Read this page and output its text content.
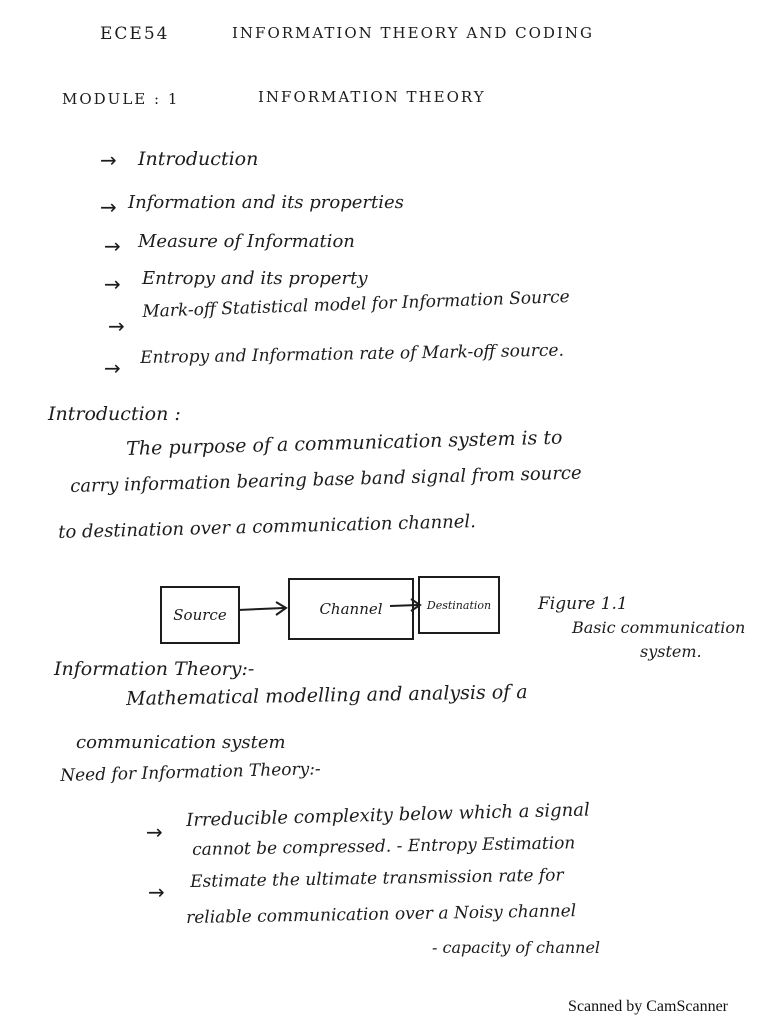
ECE54	INFORMATION THEORY AND CODING
MODULE : 1	INFORMATION THEORY
→ Introduction
→ Information and its properties
→ Measure of Information
→ Entropy and its property
→
Mark-off Statistical model for Information Source
→
Entropy and Information rate of Mark-off source.
Introduction :
The purpose of a communication system is to
carry information bearing base band signal from source
to destination over a communication channel.
Source	Channel	Destination	Figure 1.1
Basic communication
system.
Information Theory:-
Mathematical modelling and analysis of a
communication system
Need for Information Theory:-
→
Irreducible complexity below which a signal
cannot be compressed. - Entropy Estimation
→
Estimate the ultimate transmission rate for
reliable communication over a Noisy channel
- capacity of channel
Scanned by CamScanner
